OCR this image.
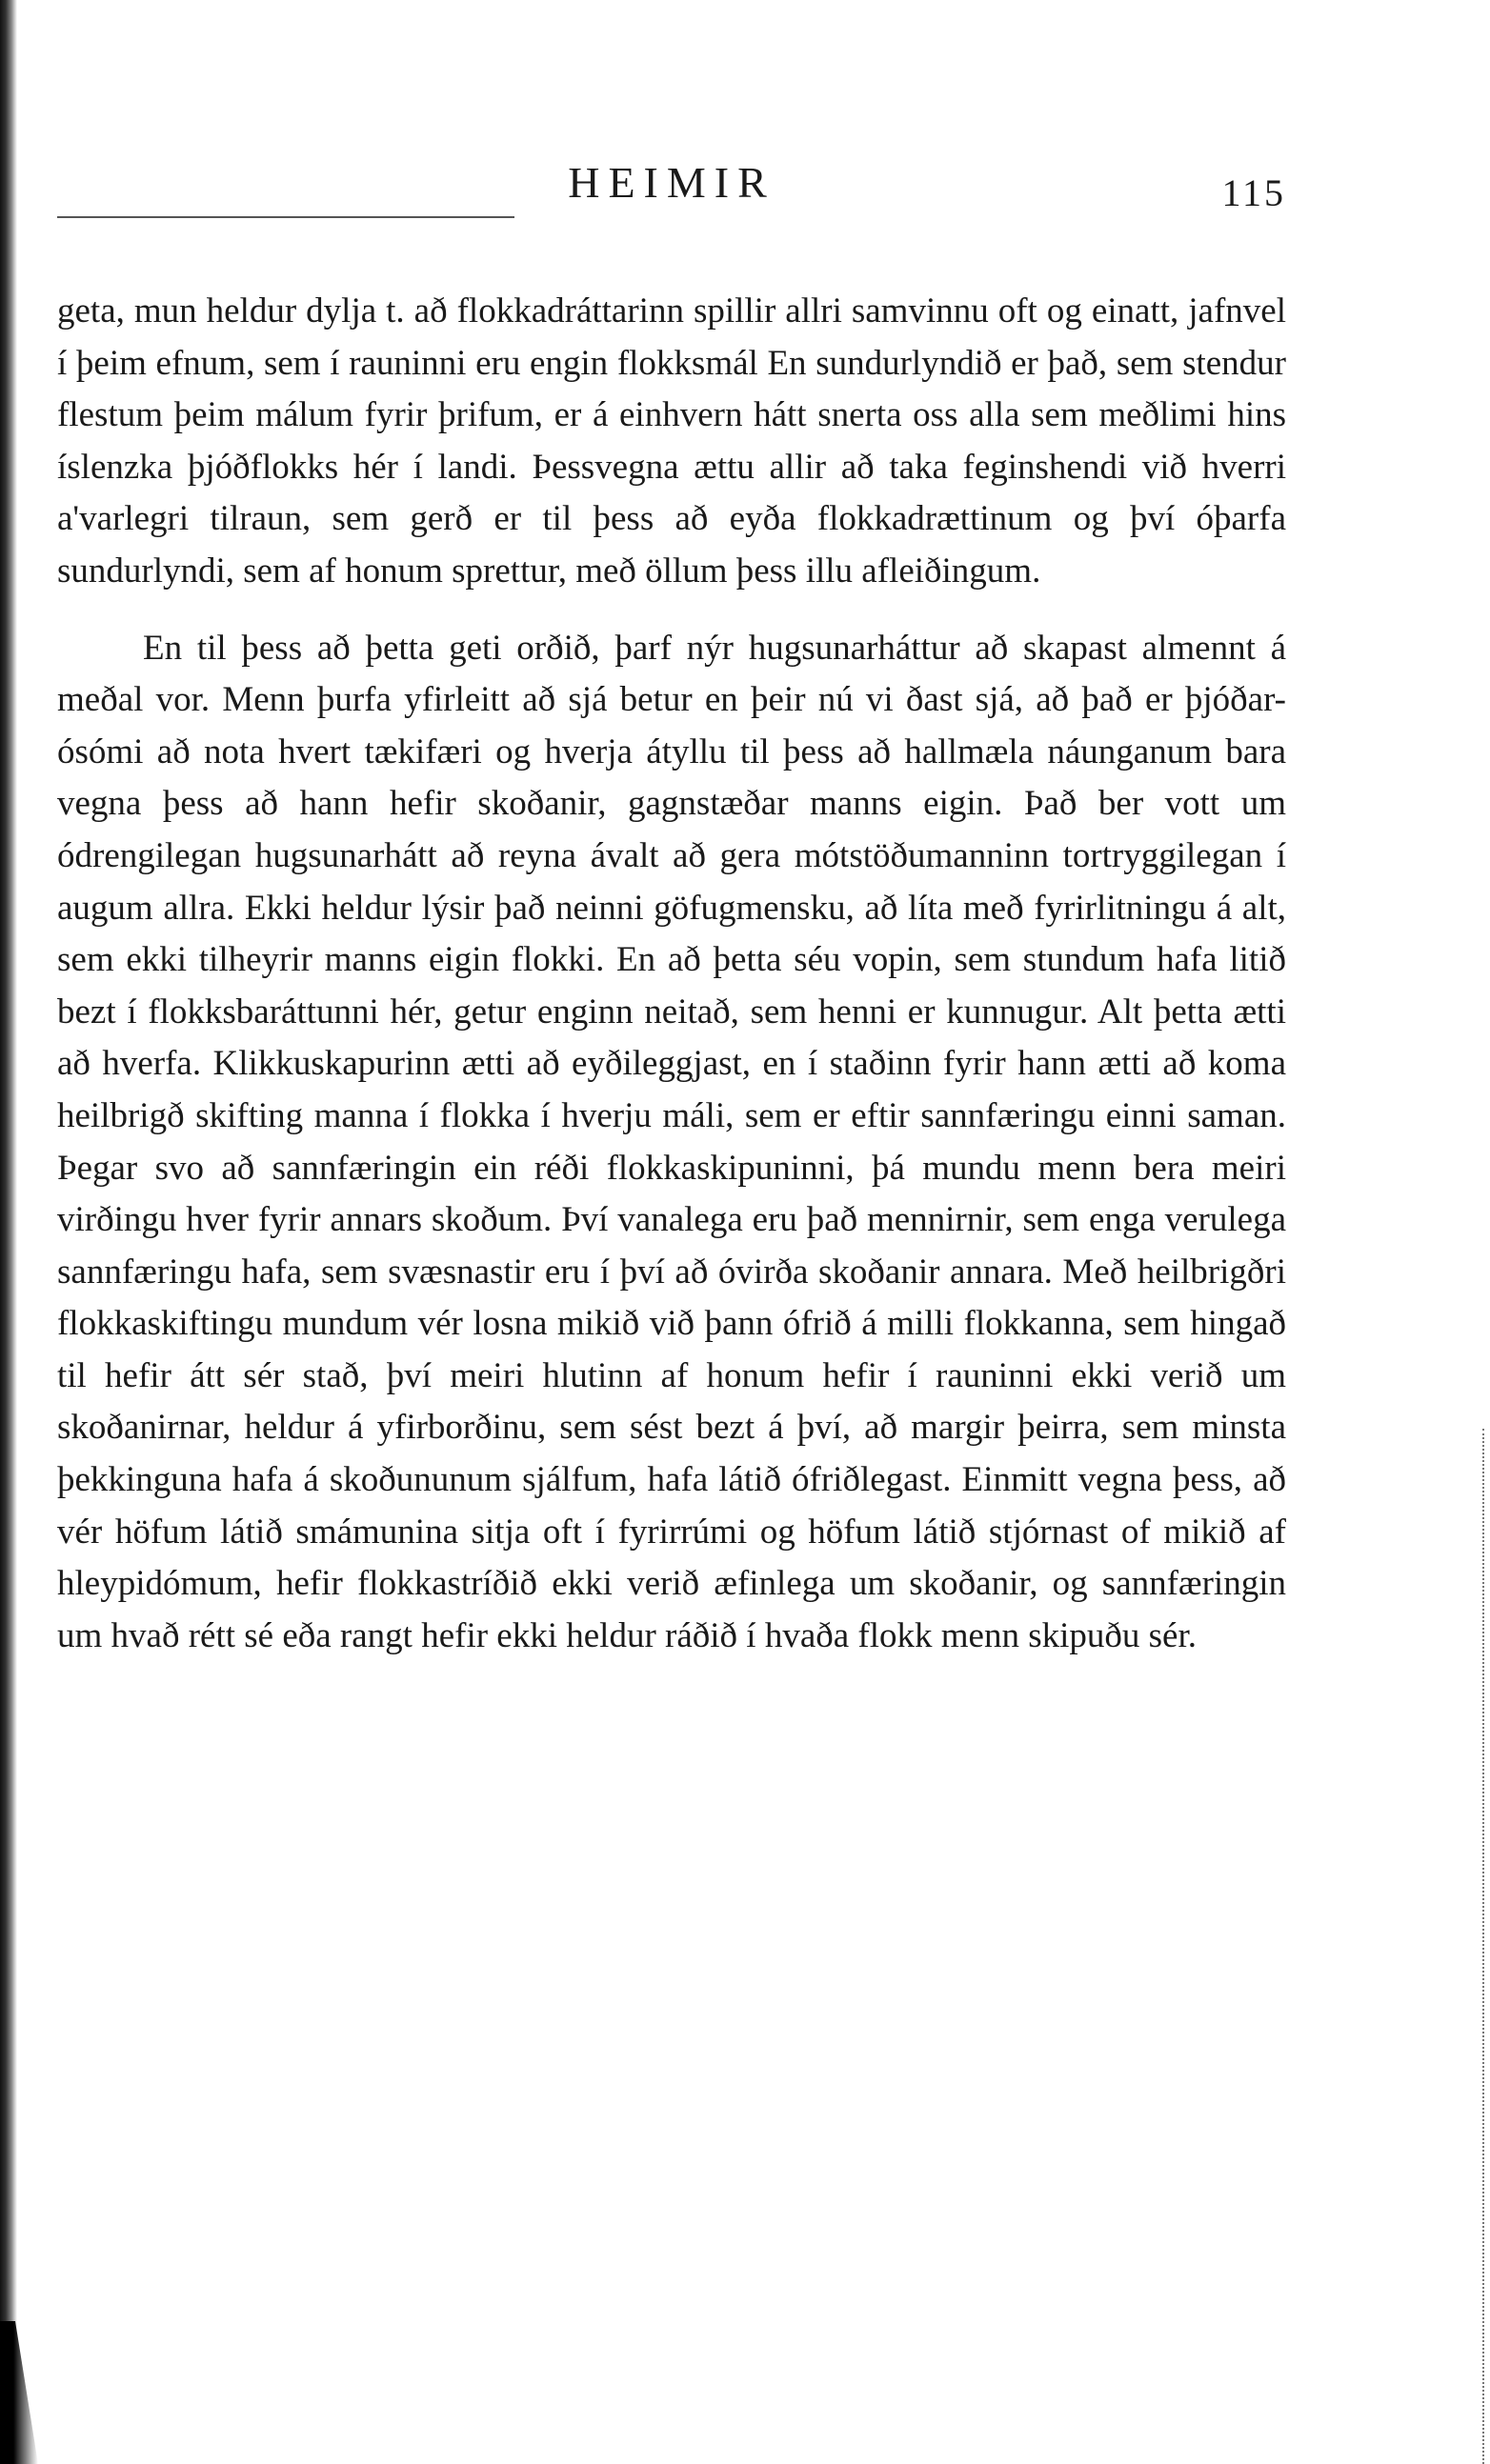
HEIMIR	115

geta, mun heldur dylja t. að flokkadráttarinn spillir allri samvinnu oft og einatt, jafnvel í þeim efnum, sem í rauninni eru engin flokksmál En sundurlyndið er það, sem stendur flestum þeim málum fyrir þrifum, er á einhvern hátt snerta oss alla sem meðlimi hins íslenzka þjóðflokks hér í landi. Þessvegna ættu allir að taka feginshendi við hverri a'varlegri tilraun, sem gerð er til þess að eyða flokkadrættinum og því óþarfa sundurlyndi, sem af honum sprettur, með öllum þess illu afleiðingum.

En til þess að þetta geti orðið, þarf nýr hugsunarháttur að skapast almennt á meðal vor. Menn þurfa yfirleitt að sjá betur en þeir nú vi ðast sjá, að það er þjóðar-ósómi að nota hvert tækifæri og hverja átyllu til þess að hallmæla náunganum bara vegna þess að hann hefir skoðanir, gagnstæðar manns eigin. Það ber vott um ódrengilegan hugsunarhátt að reyna ávalt að gera mótstöðumanninn tortryggilegan í augum allra. Ekki heldur lýsir það neinni göfugmensku, að líta með fyrirlitningu á alt, sem ekki tilheyrir manns eigin flokki. En að þetta séu vopin, sem stundum hafa litið bezt í flokksbaráttunni hér, getur enginn neitað, sem henni er kunnugur. Alt þetta ætti að hverfa. Klikkuskapurinn ætti að eyðileggjast, en í staðinn fyrir hann ætti að koma heilbrigð skifting manna í flokka í hverju máli, sem er eftir sannfæringu einni saman. Þegar svo að sannfæringin ein réði flokkaskipuninni, þá mundu menn bera meiri virðingu hver fyrir annars skoðum. Því vanalega eru það mennirnir, sem enga verulega sannfæringu hafa, sem svæsnastir eru í því að óvirða skoðanir annara. Með heilbrigðri flokkaskiftingu mundum vér losna mikið við þann ófrið á milli flokkanna, sem hingað til hefir átt sér stað, því meiri hlutinn af honum hefir í rauninni ekki verið um skoðanirnar, heldur á yfirborðinu, sem sést bezt á því, að margir þeirra, sem minsta þekkinguna hafa á skoðununum sjálfum, hafa látið ófriðlegast. Einmitt vegna þess, að vér höfum látið smámunina sitja oft í fyrirrúmi og höfum látið stjórnast of mikið af hleypidómum, hefir flokkastríðið ekki verið æfinlega um skoðanir, og sannfæringin um hvað rétt sé eða rangt hefir ekki heldur ráðið í hvaða flokk menn skipuðu sér.
